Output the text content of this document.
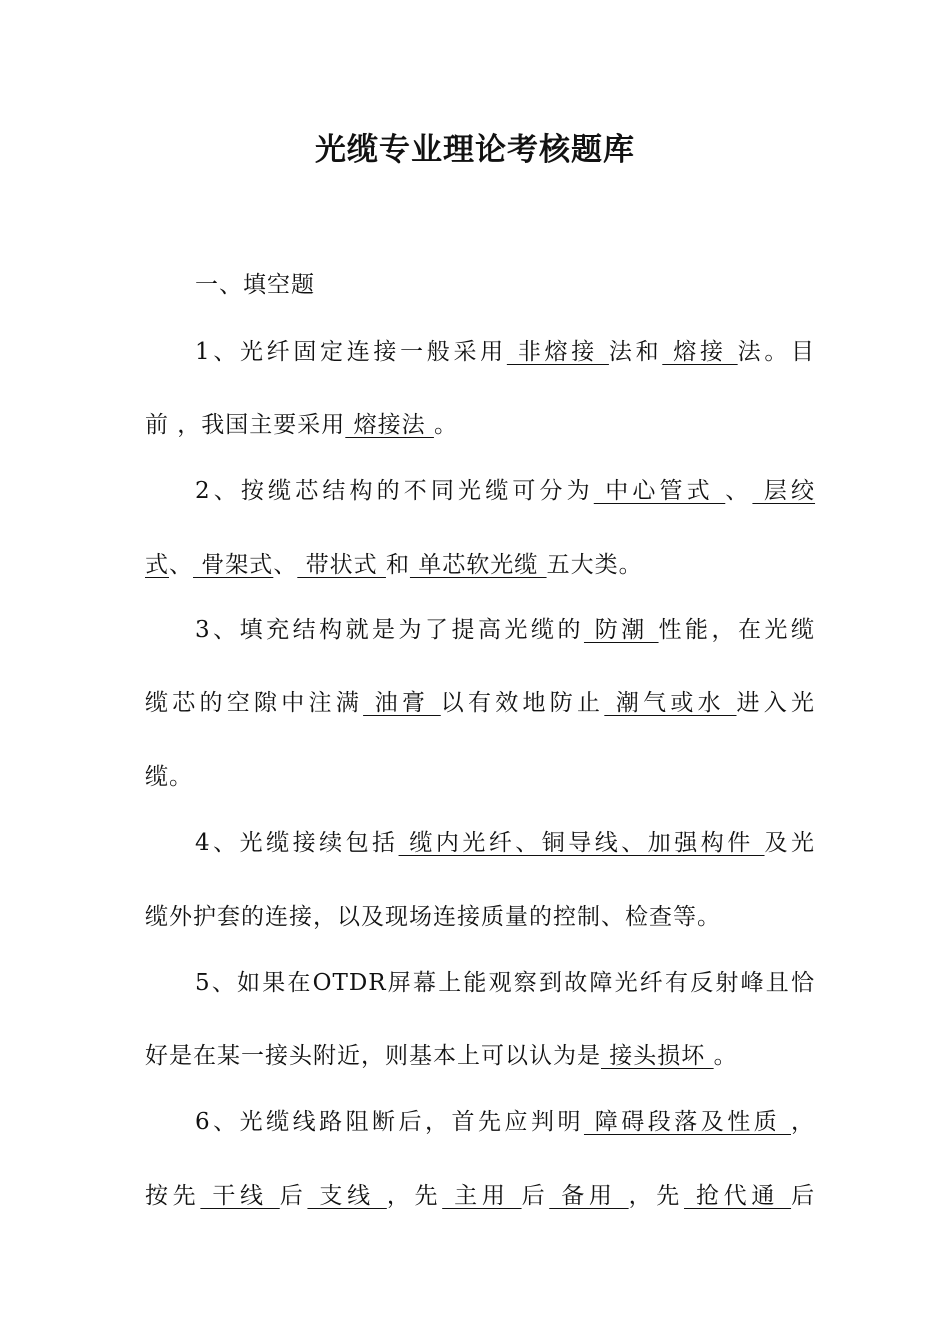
光缆专业理论考核题库
一、填空题
1、光纤固定连接一般采用 非熔接 法和 熔接 法。目
前 ，我国主要采用 熔接法 。
2、按缆芯结构的不同光缆可分为 中心管式 、 层绞
式、 骨架式、 带状式 和 单芯软光缆 五大类。
3、填充结构就是为了提高光缆的 防潮 性能，在光缆
缆芯的空隙中注满 油膏 以有效地防止 潮气或水 进入光
缆。
4、光缆接续包括 缆内光纤、铜导线、加强构件 及光
缆外护套的连接，以及现场连接质量的控制、检查等。
5、如果在OTDR屏幕上能观察到故障光纤有反射峰且恰
好是在某一接头附近，则基本上可以认为是 接头损坏 。
6、光缆线路阻断后，首先应判明 障碍段落及性质 ，
按先 干线 后 支线 ，先 主用 后 备用 ，先 抢代通 后
